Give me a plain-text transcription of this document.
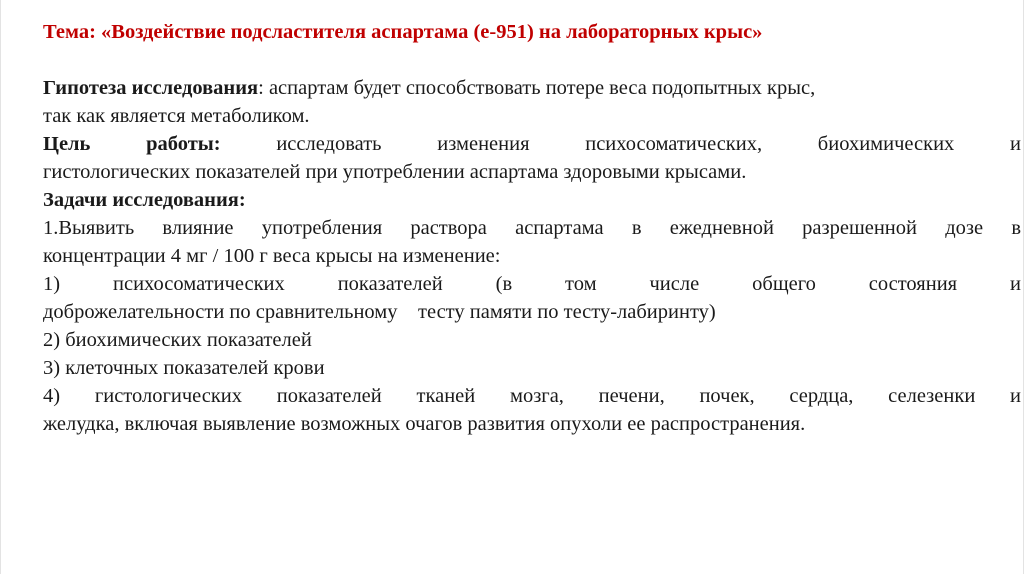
Тема: «Воздействие подсластителя аспартама (е-951) на лабораторных крыс»
Гипотеза исследования: аспартам будет способствовать потере веса подопытных крыс,
так как является метаболиком.
Цель работы: исследовать изменения психосоматических, биохимических и
гистологических показателей при употреблении аспартама здоровыми крысами.
Задачи исследования:
1.Выявить влияние употребления раствора аспартама в ежедневной разрешенной дозе в
концентрации 4 мг / 100 г веса крысы на изменение:
1) психосоматических показателей (в том числе общего состояния и
доброжелательности по сравнительному    тесту памяти по тесту-лабиринту)
2) биохимических показателей
3) клеточных показателей крови
4) гистологических показателей тканей мозга, печени, почек, сердца, селезенки и
желудка, включая выявление возможных очагов развития опухоли ее распространения.
